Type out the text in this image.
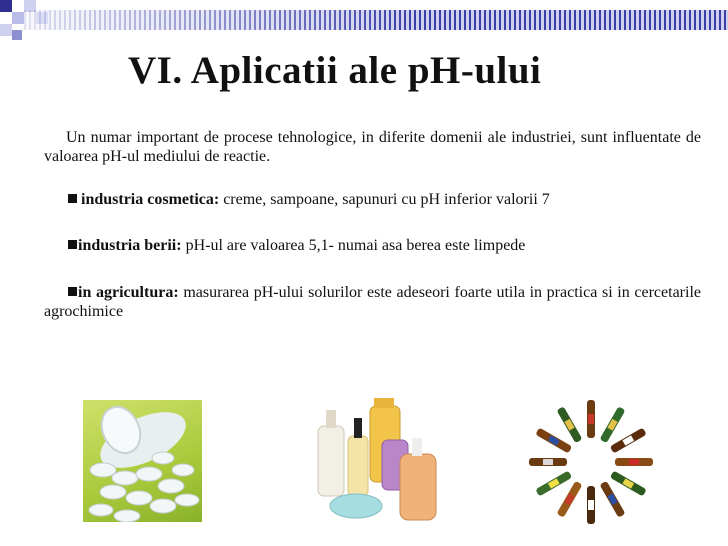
VI. Aplicatii ale pH-ului
Un numar important de procese tehnologice, in diferite domenii ale industriei, sunt influentate de valoarea pH-ul mediului de reactie.
industria cosmetica: creme, sampoane, sapunuri cu pH inferior valorii 7
industria berii: pH-ul are valoarea 5,1- numai asa berea este limpede
in agricultura: masurarea pH-ului solurilor este adeseori foarte utila in practica si in cercetarile agrochimice
